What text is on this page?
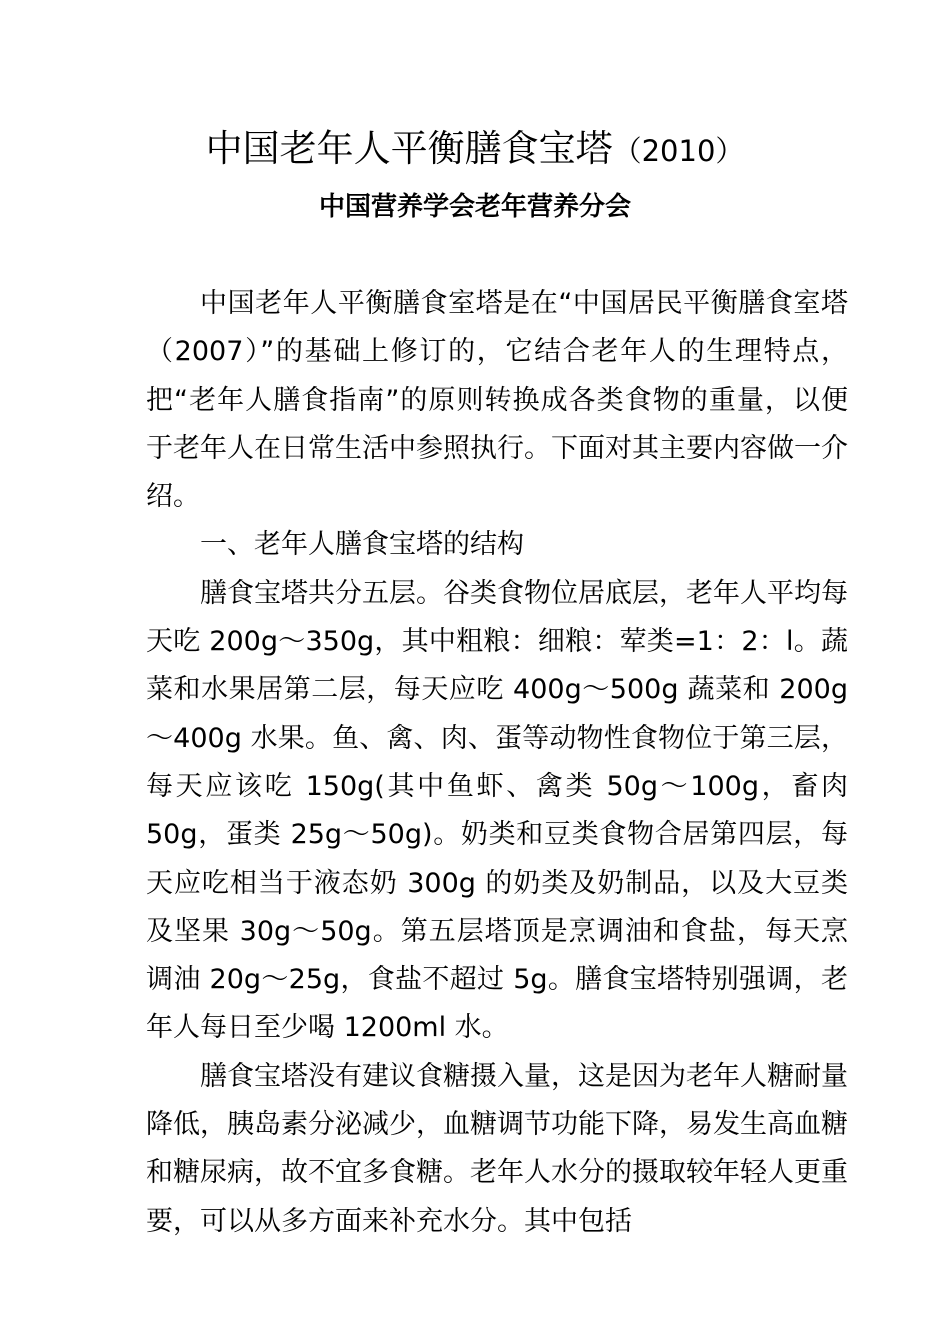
中国老年人平衡膳食宝塔（2010）
中国营养学会老年营养分会

中国老年人平衡膳食室塔是在“中国居民平衡膳食室塔（2007）”的基础上修订的，它结合老年人的生理特点，把“老年人膳食指南”的原则转换成各类食物的重量，以便于老年人在日常生活中参照执行。下面对其主要内容做一介绍。

一、老年人膳食宝塔的结构

膳食宝塔共分五层。谷类食物位居底层，老年人平均每天吃 200g～350g，其中粗粮：细粮：荤类=1：2：l。蔬菜和水果居第二层，每天应吃 400g～500g 蔬菜和 200g～400g 水果。鱼、禽、肉、蛋等动物性食物位于第三层，每天应该吃 150g(其中鱼虾、禽类 50g～100g，畜肉 50g，蛋类 25g～50g)。奶类和豆类食物合居第四层，每天应吃相当于液态奶 300g 的奶类及奶制品，以及大豆类及坚果 30g～50g。第五层塔顶是烹调油和食盐，每天烹调油 20g～25g，食盐不超过 5g。膳食宝塔特别强调，老年人每日至少喝 1200ml 水。

膳食宝塔没有建议食糖摄入量，这是因为老年人糖耐量降低，胰岛素分泌减少，血糖调节功能下降，易发生高血糖和糖尿病，故不宜多食糖。老年人水分的摄取较年轻人更重要，可以从多方面来补充水分。其中包括
